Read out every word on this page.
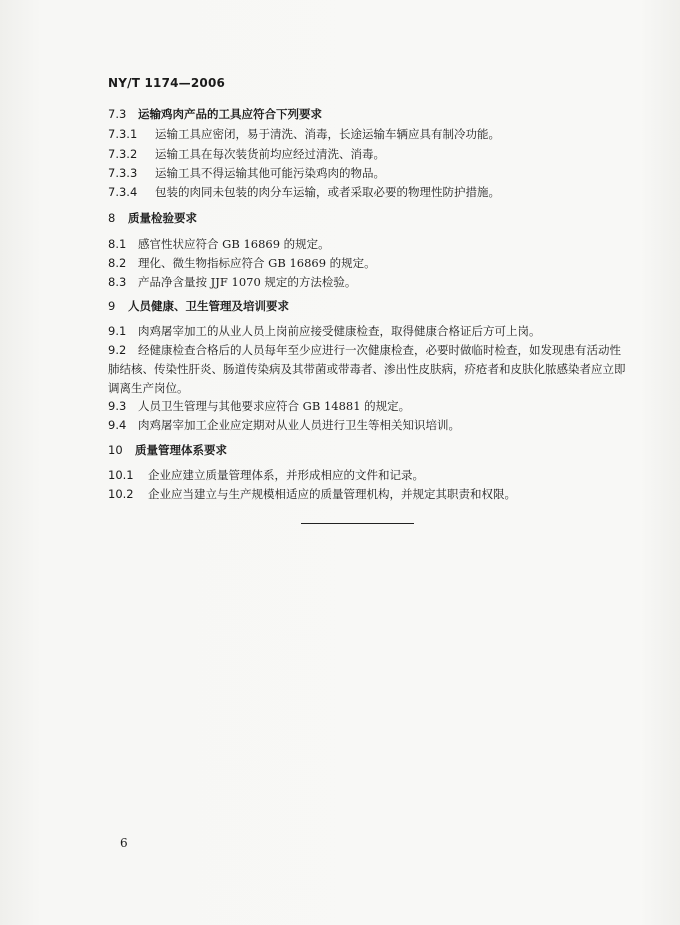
NY/T 1174—2006
7.3 运输鸡肉产品的工具应符合下列要求
7.3.1 运输工具应密闭，易于清洗、消毒，长途运输车辆应具有制冷功能。
7.3.2 运输工具在每次装货前均应经过清洗、消毒。
7.3.3 运输工具不得运输其他可能污染鸡肉的物品。
7.3.4 包装的肉同未包装的肉分车运输，或者采取必要的物理性防护措施。
8 质量检验要求
8.1 感官性状应符合 GB 16869 的规定。
8.2 理化、微生物指标应符合 GB 16869 的规定。
8.3 产品净含量按 JJF 1070 规定的方法检验。
9 人员健康、卫生管理及培训要求
9.1 肉鸡屠宰加工的从业人员上岗前应接受健康检查，取得健康合格证后方可上岗。
9.2 经健康检查合格后的人员每年至少应进行一次健康检查，必要时做临时检查，如发现患有活动性肺结核、传染性肝炎、肠道传染病及其带菌或带毒者、渗出性皮肤病，疥疮者和皮肤化脓感染者应立即调离生产岗位。
9.3 人员卫生管理与其他要求应符合 GB 14881 的规定。
9.4 肉鸡屠宰加工企业应定期对从业人员进行卫生等相关知识培训。
10 质量管理体系要求
10.1 企业应建立质量管理体系，并形成相应的文件和记录。
10.2 企业应当建立与生产规模相适应的质量管理机构，并规定其职责和权限。
6
